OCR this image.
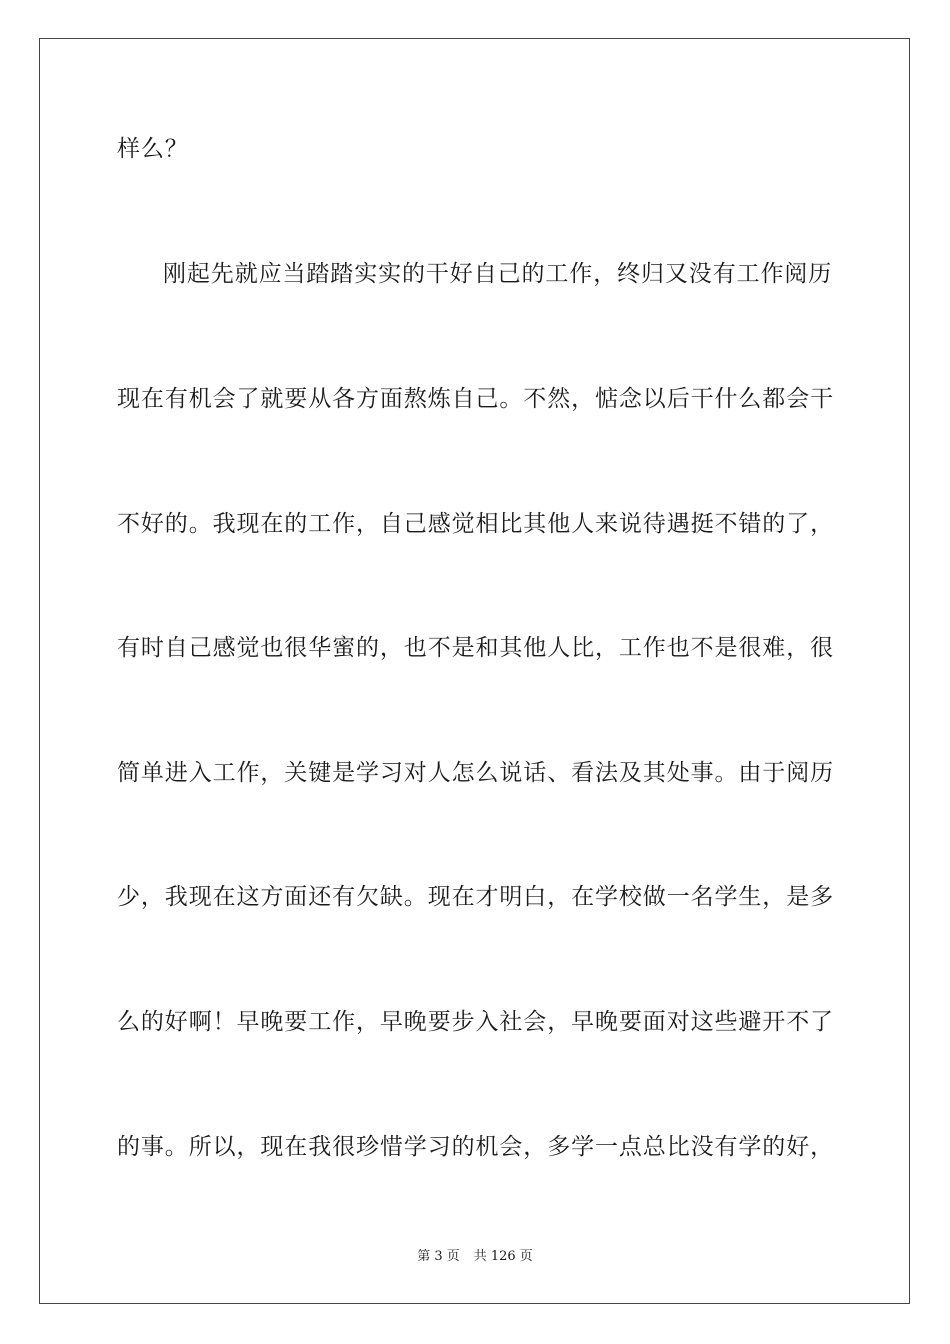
样么？
刚起先就应当踏踏实实的干好自己的工作，终归又没有工作阅历
现在有机会了就要从各方面熬炼自己。不然，惦念以后干什么都会干
不好的。我现在的工作，自己感觉相比其他人来说待遇挺不错的了，
有时自己感觉也很华蜜的，也不是和其他人比，工作也不是很难，很
简单进入工作，关键是学习对人怎么说话、看法及其处事。由于阅历
少，我现在这方面还有欠缺。现在才明白，在学校做一名学生，是多
么的好啊！早晚要工作，早晚要步入社会，早晚要面对这些避开不了
的事。所以，现在我很珍惜学习的机会，多学一点总比没有学的好，
第 3 页 共 126 页
